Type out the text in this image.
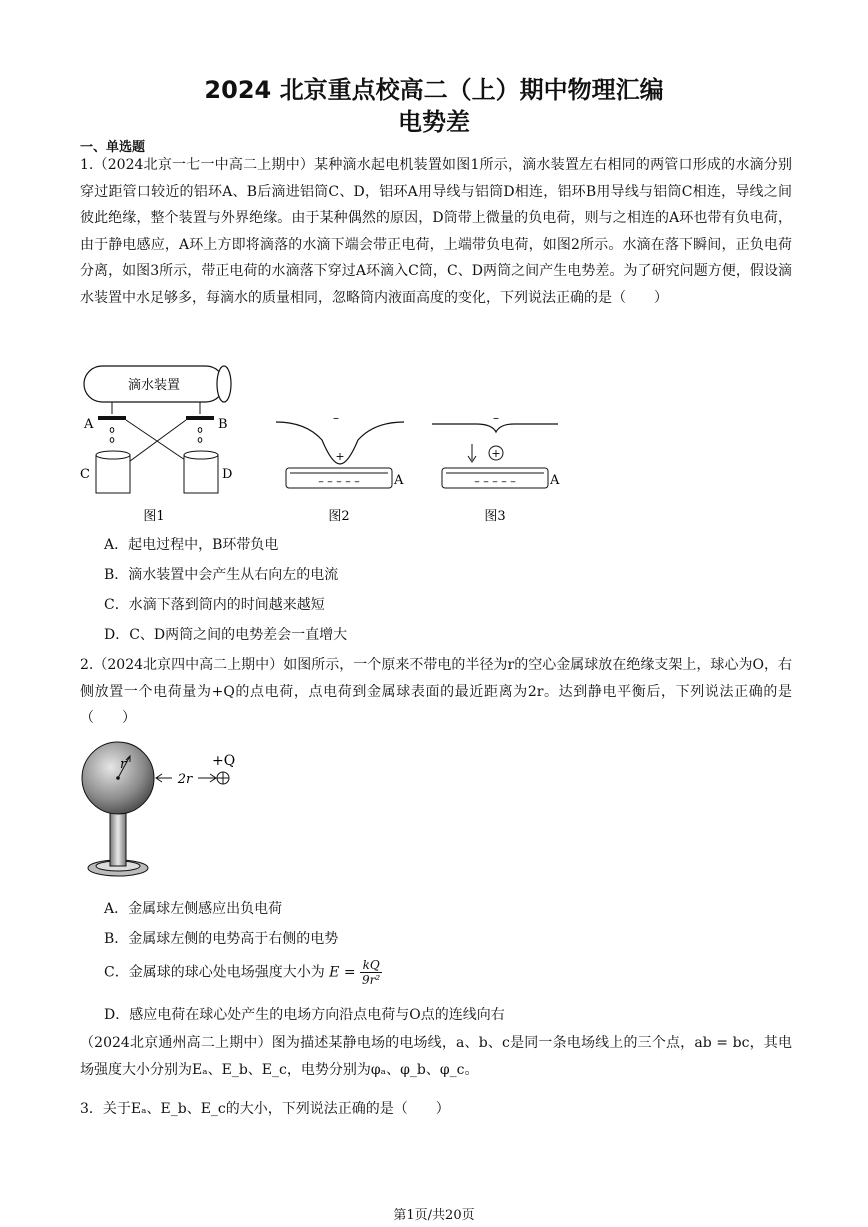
2024 北京重点校高二（上）期中物理汇编
电势差
一、单选题
1.（2024北京一七一中高二上期中）某种滴水起电机装置如图1所示，滴水装置左右相同的两管口形成的水滴分别穿过距管口较近的铝环A、B后滴进铝筒C、D，铝环A用导线与铝筒D相连，铝环B用导线与铝筒C相连，导线之间彼此绝缘，整个装置与外界绝缘。由于某种偶然的原因，D筒带上微量的负电荷，则与之相连的A环也带有负电荷，由于静电感应，A环上方即将滴落的水滴下端会带正电荷，上端带负电荷，如图2所示。水滴在落下瞬间，正负电荷分离，如图3所示，带正电荷的水滴落下穿过A环滴入C筒，C、D两筒之间产生电势差。为了研究问题方便，假设滴水装置中水足够多，每滴水的质量相同，忽略筒内液面高度的变化，下列说法正确的是（　　）
滴水装置
A	B
C	D
图1
–
+
– – – – –	A
图2
–
+
– – – – –	A
图3
A．起电过程中，B环带负电
B．滴水装置中会产生从右向左的电流
C．水滴下落到筒内的时间越来越短
D．C、D两筒之间的电势差会一直增大
2.（2024北京四中高二上期中）如图所示，一个原来不带电的半径为r的空心金属球放在绝缘支架上，球心为O，右侧放置一个电荷量为+Q的点电荷，点电荷到金属球表面的最近距离为2r。达到静电平衡后，下列说法正确的是（　　）
r
2r
+Q
A．金属球左侧感应出负电荷
B．金属球左侧的电势高于右侧的电势
C．金属球的球心处电场强度大小为 $E = \frac{kQ}{\text{9r²}}$
D．感应电荷在球心处产生的电场方向沿点电荷与O点的连线向右
（2024北京通州高二上期中）图为描述某静电场的电场线，a、b、c是同一条电场线上的三个点，ab = bc，其电场强度大小分别为Eₐ、E_b、E_c，电势分别为φₐ、φ_b、φ_c。
3．关于Eₐ、E_b、E_c的大小，下列说法正确的是（　　）
第1页/共20页
